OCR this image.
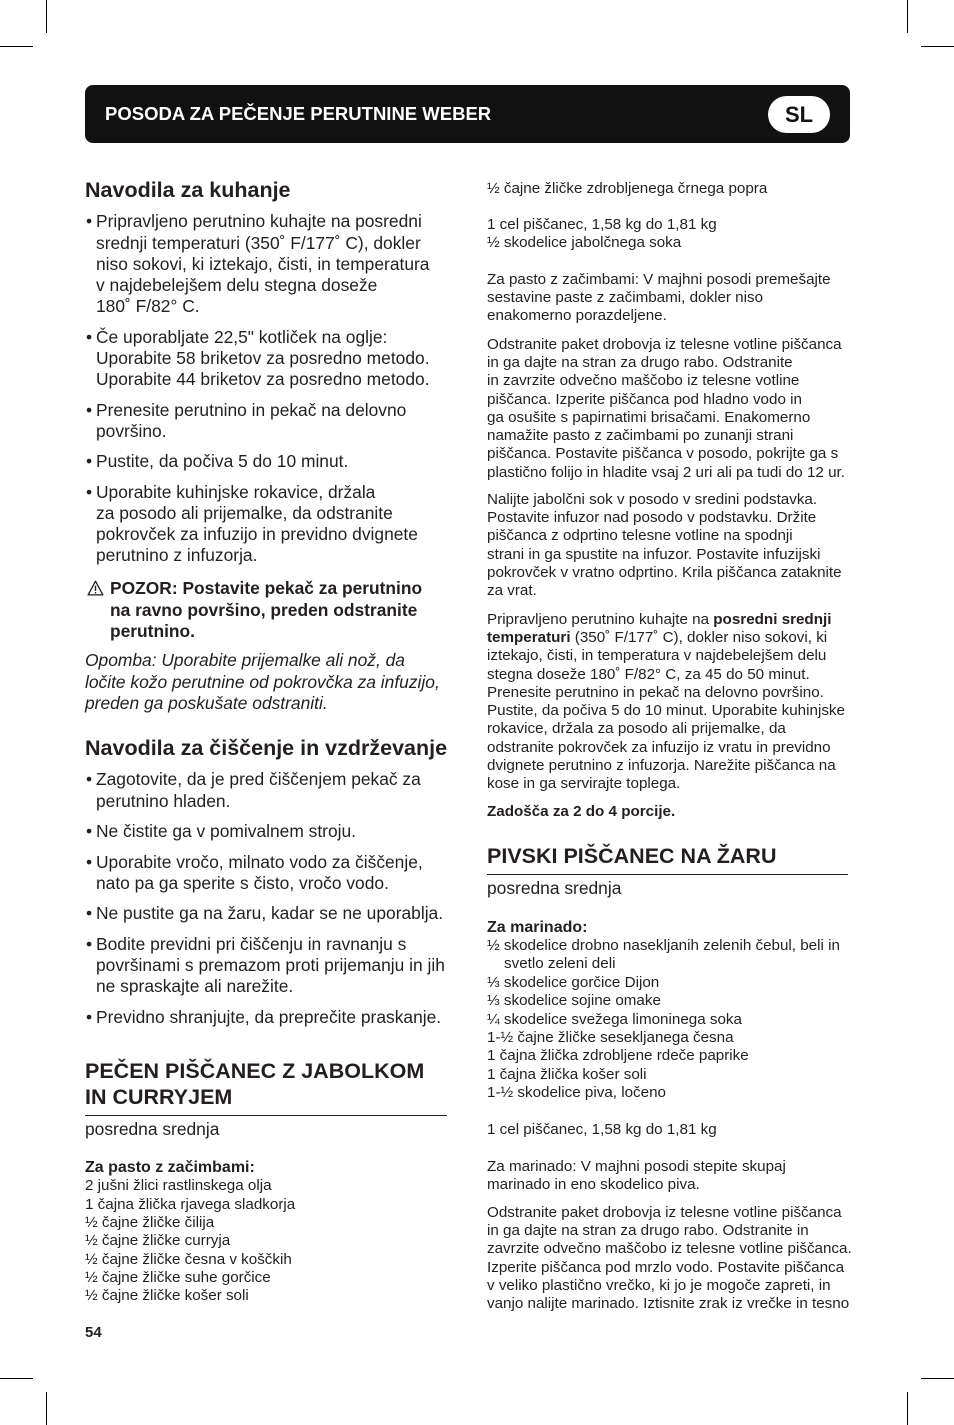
POSODA ZA PEČENJE PERUTNINE WEBER	SL
Navodila za kuhanje
• Pripravljeno perutnino kuhajte na posredni
srednji temperaturi (350˚ F/177˚ C), dokler
niso sokovi, ki iztekajo, čisti, in temperatura
v najdebelejšem delu stegna doseže
180˚ F/82° C.
• Če uporabljate 22,5" kotliček na oglje:
Uporabite 58 briketov za posredno metodo.
Uporabite 44 briketov za posredno metodo.
• Prenesite perutnino in pekač na delovno
površino.
• Pustite, da počiva 5 do 10 minut.
• Uporabite kuhinjske rokavice, držala
za posodo ali prijemalke, da odstranite
pokrovček za infuzijo in previdno dvignete
perutnino z infuzorja.
POZOR: Postavite pekač za perutnino
na ravno površino, preden odstranite
perutnino.
Opomba: Uporabite prijemalke ali nož, da
ločite kožo perutnine od pokrovčka za infuzijo,
preden ga poskušate odstraniti.
Navodila za čiščenje in vzdrževanje
• Zagotovite, da je pred čiščenjem pekač za
perutnino hladen.
• Ne čistite ga v pomivalnem stroju.
• Uporabite vročo, milnato vodo za čiščenje,
nato pa ga sperite s čisto, vročo vodo.
• Ne pustite ga na žaru, kadar se ne uporablja.
• Bodite previdni pri čiščenju in ravnanju s
površinami s premazom proti prijemanju in jih
ne spraskajte ali narežite.
• Previdno shranjujte, da preprečite praskanje.
PEČEN PIŠČANEC Z JABOLKOM
IN CURRYJEM
posredna srednja
Za pasto z začimbami:
2 jušni žlici rastlinskega olja
1 čajna žlička rjavega sladkorja
½ čajne žličke čilija
½ čajne žličke curryja
½ čajne žličke česna v koščkih
½ čajne žličke suhe gorčice
½ čajne žličke košer soli
54
½ čajne žličke zdrobljenega črnega popra
1 cel piščanec, 1,58 kg do 1,81 kg
½ skodelice jabolčnega soka
Za pasto z začimbami: V majhni posodi premešajte
sestavine paste z začimbami, dokler niso
enakomerno porazdeljene.
Odstranite paket drobovja iz telesne votline piščanca
in ga dajte na stran za drugo rabo. Odstranite
in zavrzite odvečno maščobo iz telesne votline
piščanca. Izperite piščanca pod hladno vodo in
ga osušite s papirnatimi brisačami. Enakomerno
namažite pasto z začimbami po zunanji strani
piščanca. Postavite piščanca v posodo, pokrijte ga s
plastično folijo in hladite vsaj 2 uri ali pa tudi do 12 ur.
Nalijte jabolčni sok v posodo v sredini podstavka.
Postavite infuzor nad posodo v podstavku. Držite
piščanca z odprtino telesne votline na spodnji
strani in ga spustite na infuzor. Postavite infuzijski
pokrovček v vratno odprtino. Krila piščanca zataknite
za vrat.
Pripravljeno perutnino kuhajte na posredni srednji
temperaturi (350˚ F/177˚ C), dokler niso sokovi, ki
iztekajo, čisti, in temperatura v najdebelejšem delu
stegna doseže 180˚ F/82° C, za 45 do 50 minut.
Prenesite perutnino in pekač na delovno površino.
Pustite, da počiva 5 do 10 minut. Uporabite kuhinjske
rokavice, držala za posodo ali prijemalke, da
odstranite pokrovček za infuzijo iz vratu in previdno
dvignete perutnino z infuzorja. Narežite piščanca na
kose in ga servirajte toplega.
Zadošča za 2 do 4 porcije.
PIVSKI PIŠČANEC NA ŽARU
posredna srednja
Za marinado:
½ skodelice drobno nasekljanih zelenih čebul, beli in
svetlo zeleni deli
⅓ skodelice gorčice Dijon
⅓ skodelice sojine omake
¼ skodelice svežega limoninega soka
1-½ čajne žličke sesekljanega česna
1 čajna žlička zdrobljene rdeče paprike
1 čajna žlička košer soli
1-½ skodelice piva, ločeno
1 cel piščanec, 1,58 kg do 1,81 kg
Za marinado: V majhni posodi stepite skupaj
marinado in eno skodelico piva.
Odstranite paket drobovja iz telesne votline piščanca
in ga dajte na stran za drugo rabo. Odstranite in
zavrzite odvečno maščobo iz telesne votline piščanca.
Izperite piščanca pod mrzlo vodo. Postavite piščanca
v veliko plastično vrečko, ki jo je mogoče zapreti, in
vanjo nalijte marinado. Iztisnite zrak iz vrečke in tesno
